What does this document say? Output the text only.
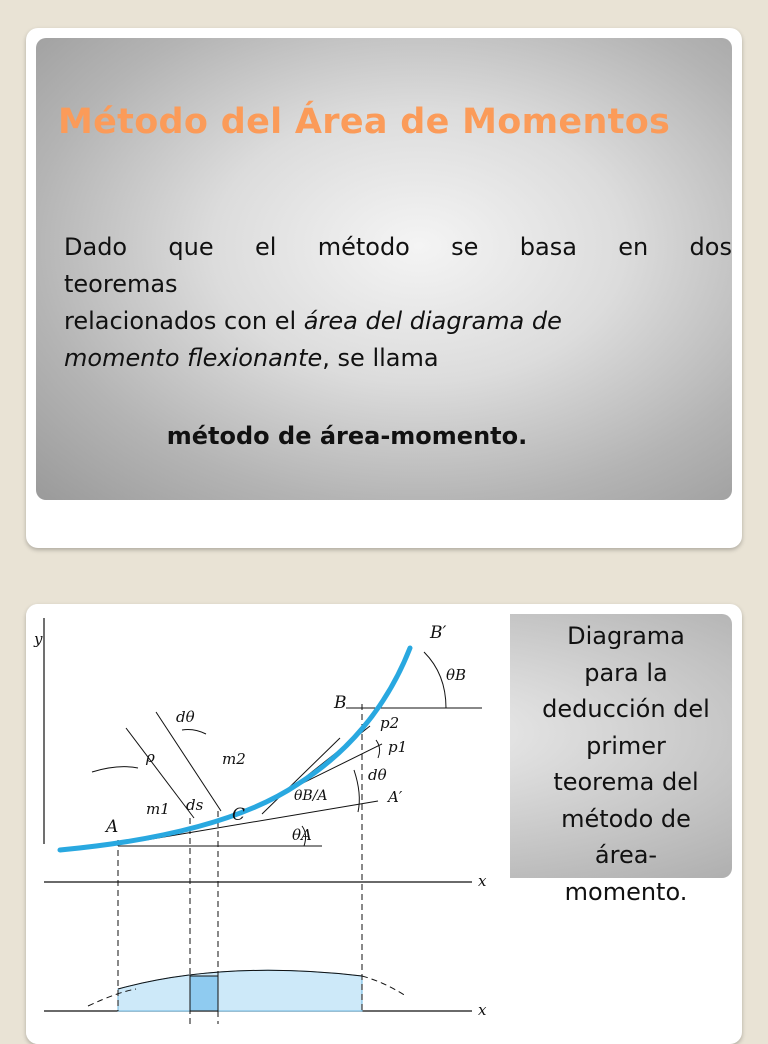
Método del Área de Momentos
Dado que el método se basa en dos
teoremas
relacionados con el área del diagrama de
momento flexionante, se llama

método de área-momento.

y
x
x
A
B
B′
C
A′
θB
θA
θB/A
dθ
dθ
p2
p1
m1
m2
ds
ρ
Diagrama
para la
deducción del
primer
teorema del
método de
área-
momento.
